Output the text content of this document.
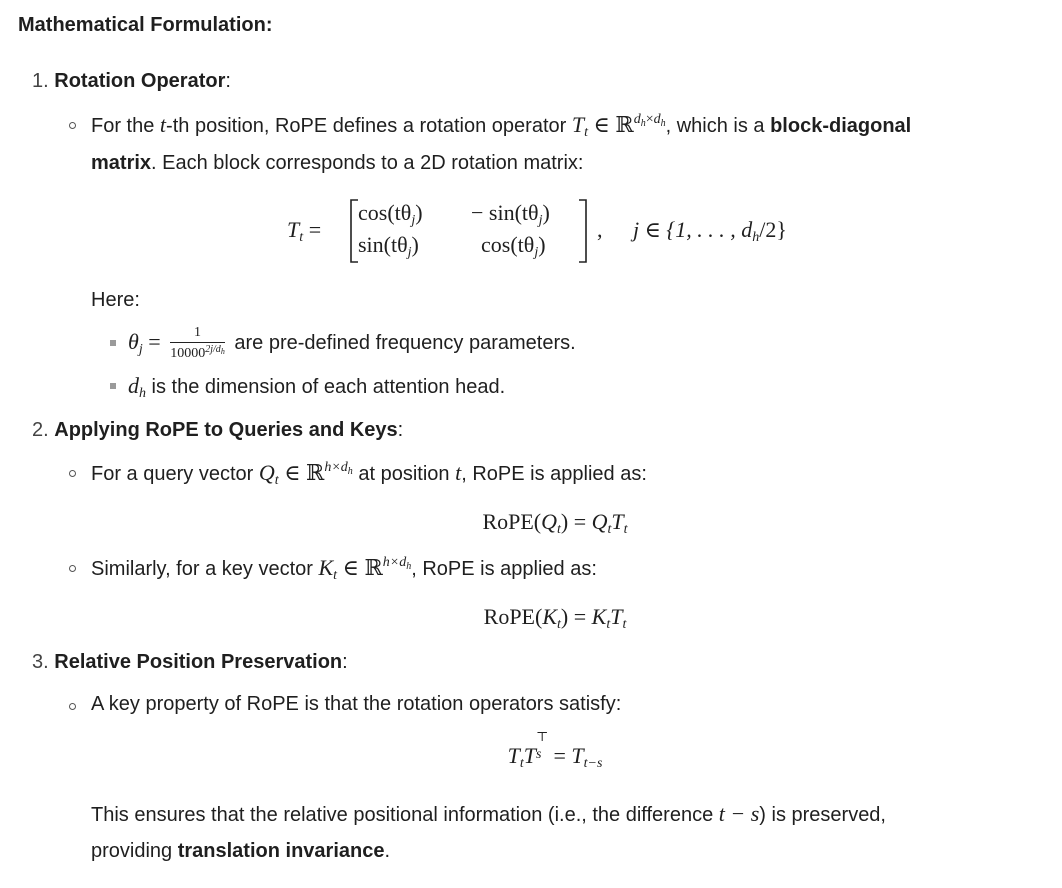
Mathematical Formulation:
1. Rotation Operator:
For the t-th position, RoPE defines a rotation operator $T_t$ ∈ ℝ$^{d_h\times d_h}$, which is a block-diagonal
matrix. Each block corresponds to a 2D rotation matrix:
$T_t$ =
$\cos(t\theta_j) - \sin(t\theta_j)$
$\sin(t\theta_j)$	$\cos(t\theta_j)$
, j ∈ {1, . . . , $d_h/2$}
Here:
$\theta_j = \frac{1}{10000^{2j/d_h}}$ are pre-defined frequency parameters.
$d_h$ is the dimension of each attention head.
2. Applying RoPE to Queries and Keys:
For a query vector $Q_t$ ∈ ℝ$^{h\times d_h}$ at position t, RoPE is applied as:
$RoPE(Q_t) = Q_tT_t$
Similarly, for a key vector $K_t$ ∈ ℝ$^{h\times d_h}$, RoPE is applied as:
$RoPE(K_t) = K_tT_t$
3. Relative Position Preservation:
A key property of RoPE is that the rotation operators satisfy:
$T_tT$
⊤
$s = T_{t-s}$
This ensures that the relative positional information (i.e., the difference t − s) is preserved,
providing translation invariance.
